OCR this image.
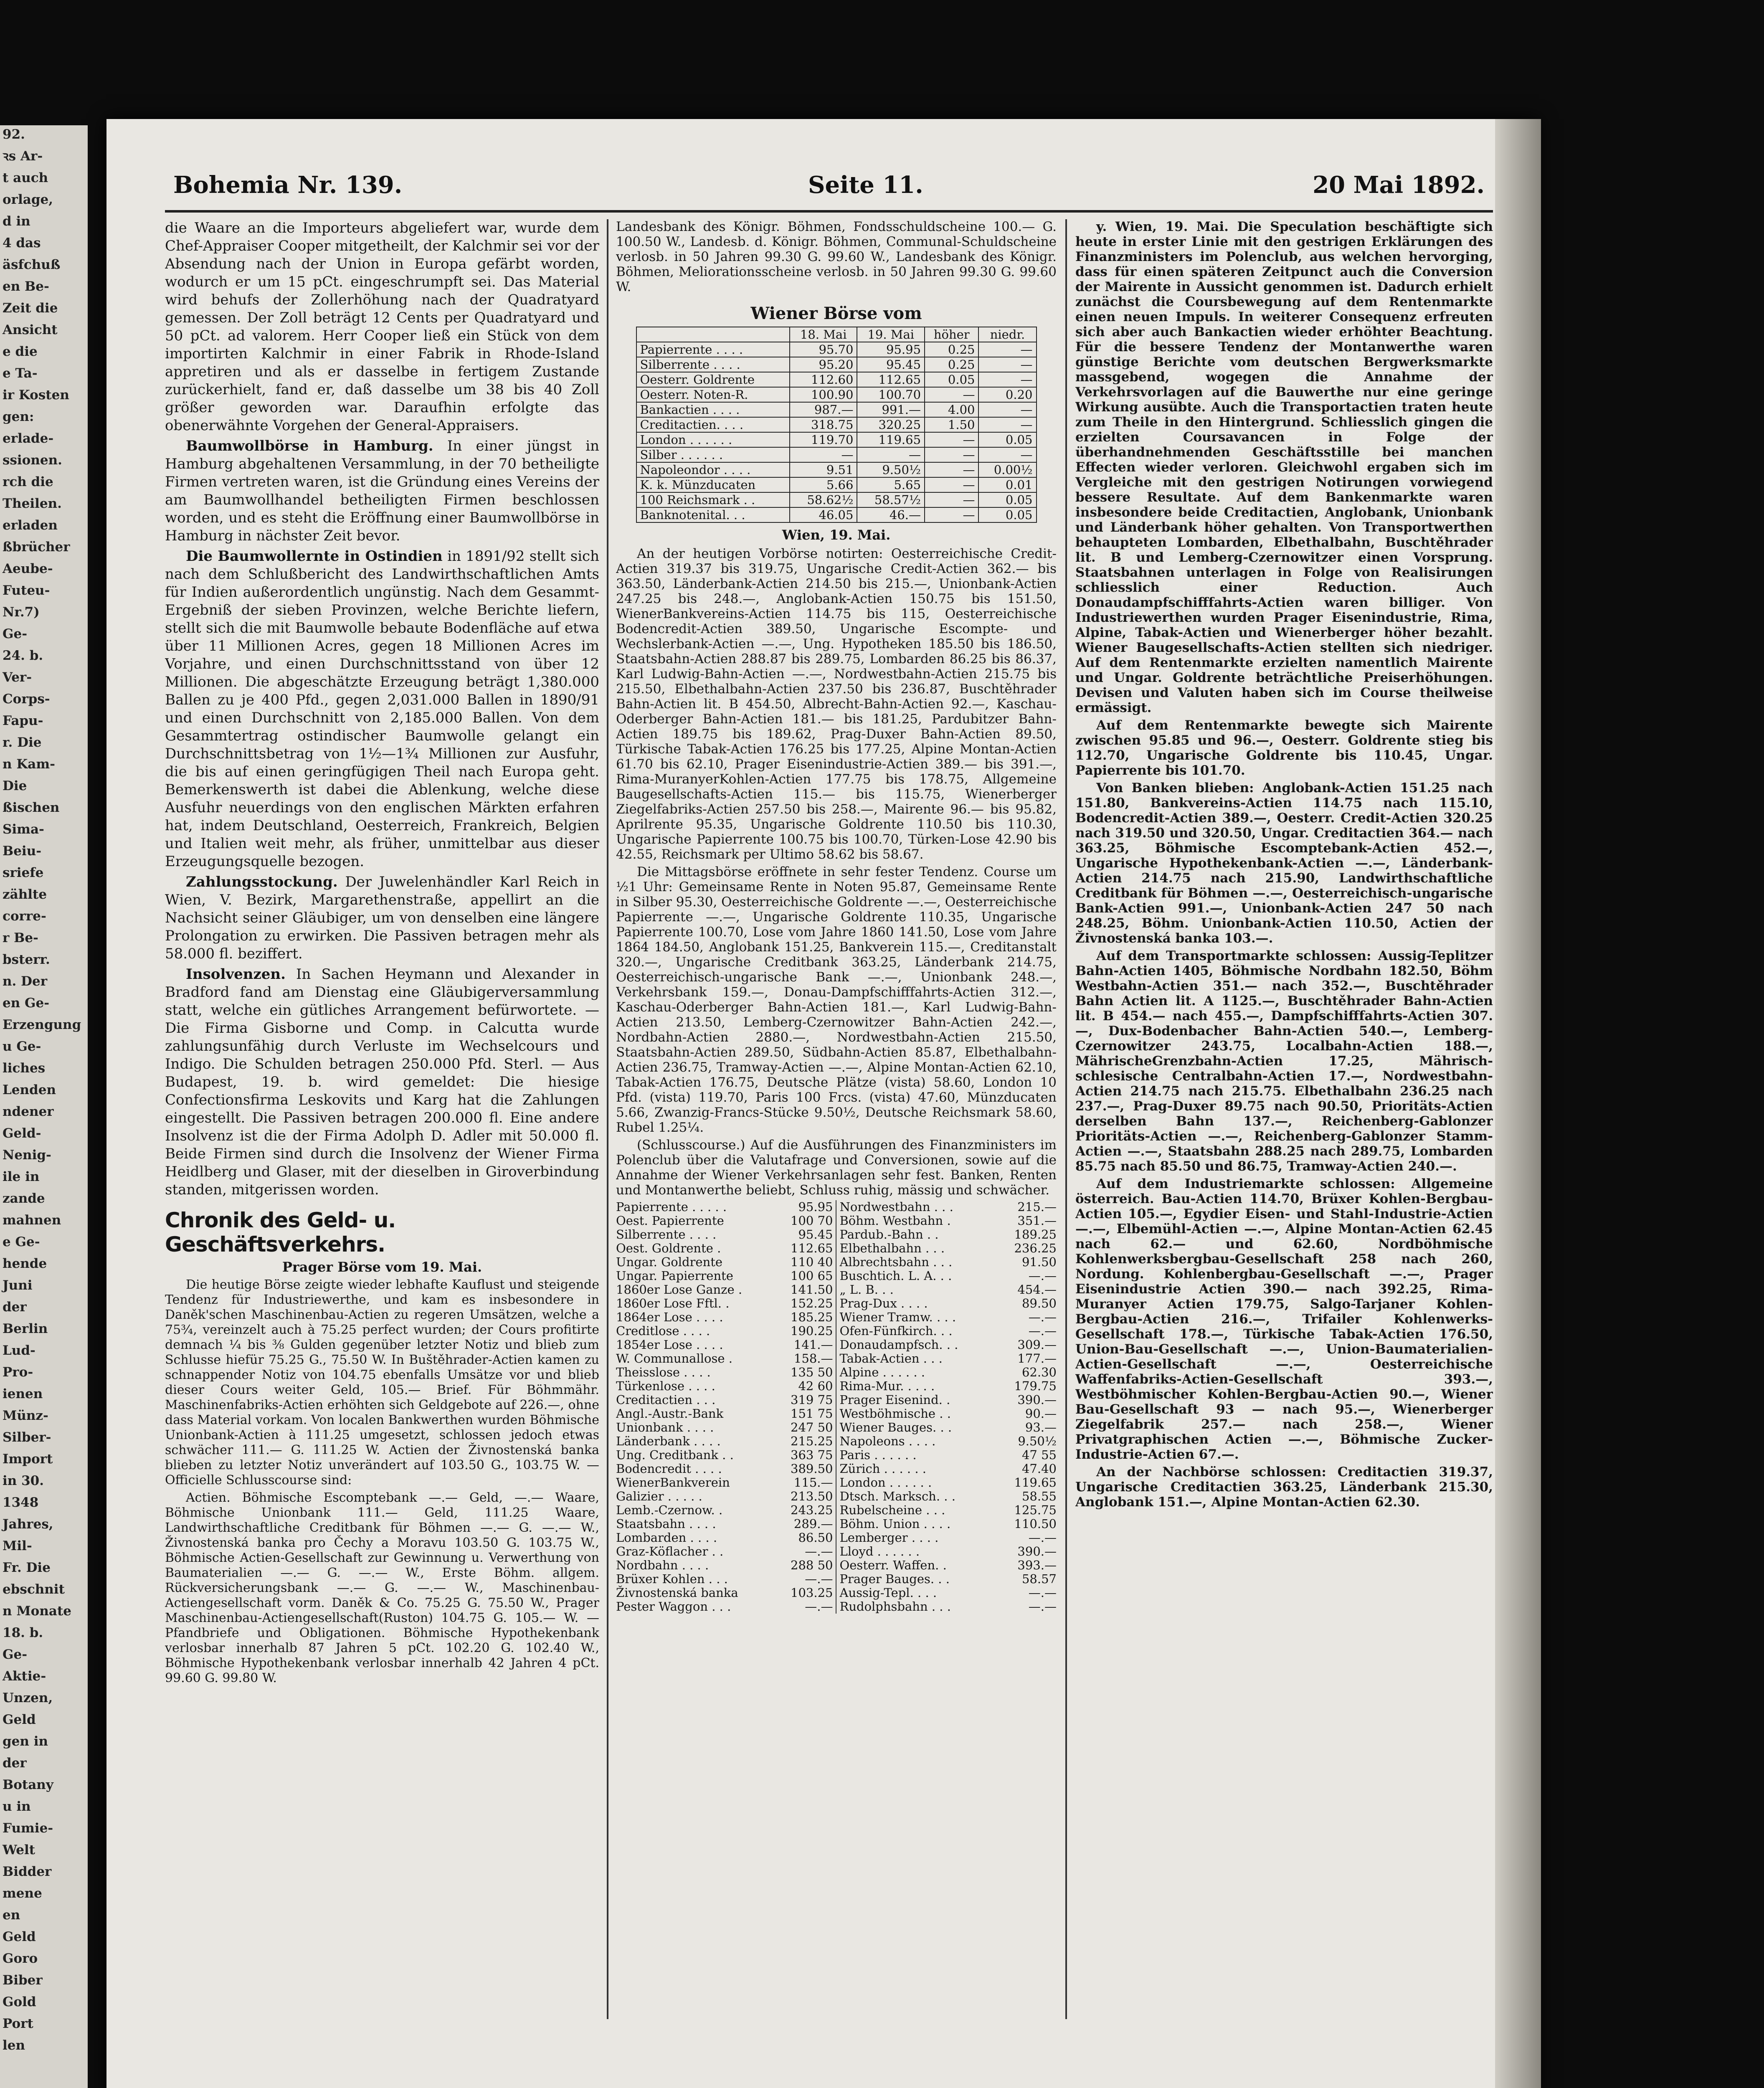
92.
ꝛs Ar-
t auch
orlage,
d in
4 das
äsfchuß
en Be-
Zeit die
Ansicht
e die
e Ta-
ir Kosten
gen:
erlade-
ssionen.
rch die
Theilen.
erladen
ßbrücher
Aeube-
Futeu-
Nr.7)
Ge-
24. b.
Ver-
Corps-
Fapu-
r. Die
n Kam-
Die
ßischen
Sima-
Beiu-
sriefe
zählte
corre-
r Be-
bsterr.
n. Der
en Ge-
Erzengung
u Ge-
liches
Lenden
ndener
Geld-
Nenig-
ile in
zande
mahnen
e Ge-
hende
Juni
der
Berlin
Lud-
Pro-
ienen
Münz-
Silber-
Import
in 30.
1348
Jahres,
Mil-
Fr. Die
ebschnit
n Monate
18. b.
Ge-
Aktie-
Unzen,
Geld
gen in
der
Botany
u in
Fumie-
Welt
Bidder
mene
en
Geld
Goro
Biber
Gold
Port
len
Bohemia Nr. 139.	Seite 11.	20 Mai 1892.

die Waare an die Importeurs abgeliefert war, wurde dem Chef-Appraiser Cooper mitgetheilt, der Kalchmir sei vor der Absendung nach der Union in Europa gefärbt worden, wodurch er um 15 pCt. eingeschrumpft sei. Das Material wird behufs der Zollerhöhung nach der Quadratyard gemessen. Der Zoll beträgt 12 Cents per Quadratyard und 50 pCt. ad valorem. Herr Cooper ließ ein Stück von dem importirten Kalchmir in einer Fabrik in Rhode-Island appretiren und als er dasselbe in fertigem Zustande zurückerhielt, fand er, daß dasselbe um 38 bis 40 Zoll größer geworden war. Daraufhin erfolgte das obenerwähnte Vorgehen der General-Appraisers.

Baumwollbörse in Hamburg. In einer jüngst in Hamburg abgehaltenen Versammlung, in der 70 betheiligte Firmen vertreten waren, ist die Gründung eines Vereins der am Baumwollhandel betheiligten Firmen beschlossen worden, und es steht die Eröffnung einer Baumwollbörse in Hamburg in nächster Zeit bevor.

Die Baumwollernte in Ostindien in 1891/92 stellt sich nach dem Schlußbericht des Landwirthschaftlichen Amts für Indien außerordentlich ungünstig. Nach dem Gesammt-Ergebniß der sieben Provinzen, welche Berichte liefern, stellt sich die mit Baumwolle bebaute Bodenfläche auf etwa über 11 Millionen Acres, gegen 18 Millionen Acres im Vorjahre, und einen Durchschnittsstand von über 12 Millionen. Die abgeschätzte Erzeugung beträgt 1,380.000 Ballen zu je 400 Pfd., gegen 2,031.000 Ballen in 1890/91 und einen Durchschnitt von 2,185.000 Ballen. Von dem Gesammtertrag ostindischer Baumwolle gelangt ein Durchschnittsbetrag von 1½—1¾ Millionen zur Ausfuhr, die bis auf einen geringfügigen Theil nach Europa geht. Bemerkenswerth ist dabei die Ablenkung, welche diese Ausfuhr neuerdings von den englischen Märkten erfahren hat, indem Deutschland, Oesterreich, Frankreich, Belgien und Italien weit mehr, als früher, unmittelbar aus dieser Erzeugungsquelle bezogen.

Zahlungsstockung. Der Juwelenhändler Karl Reich in Wien, V. Bezirk, Margarethenstraße, appellirt an die Nachsicht seiner Gläubiger, um von denselben eine längere Prolongation zu erwirken. Die Passiven betragen mehr als 58.000 fl. beziffert.

Insolvenzen. In Sachen Heymann und Alexander in Bradford fand am Dienstag eine Gläubigerversammlung statt, welche ein gütliches Arrangement befürwortete. — Die Firma Gisborne und Comp. in Calcutta wurde zahlungsunfähig durch Verluste im Wechselcours und Indigo. Die Schulden betragen 250.000 Pfd. Sterl. — Aus Budapest, 19. b. wird gemeldet: Die hiesige Confectionsfirma Leskovits und Karg hat die Zahlungen eingestellt. Die Passiven betragen 200.000 fl. Eine andere Insolvenz ist die der Firma Adolph D. Adler mit 50.000 fl. Beide Firmen sind durch die Insolvenz der Wiener Firma Heidlberg und Glaser, mit der dieselben in Giroverbindung standen, mitgerissen worden.

Chronik des Geld- u. Geschäftsverkehrs.
Prager Börse vom 19. Mai.

Die heutige Börse zeigte wieder lebhafte Kauflust und steigende Tendenz für Industriewerthe, und kam es insbesondere in Daněk'schen Maschinenbau-Actien zu regeren Umsätzen, welche a 75¾, vereinzelt auch à 75.25 perfect wurden; der Cours profitirte demnach ¼ bis ⅜ Gulden gegenüber letzter Notiz und blieb zum Schlusse hiefür 75.25 G., 75.50 W. In Buštěhrader-Actien kamen zu schnappender Notiz von 104.75 ebenfalls Umsätze vor und blieb dieser Cours weiter Geld, 105.— Brief. Für Böhmmähr. Maschinenfabriks-Actien erhöhten sich Geldgebote auf 226.—, ohne dass Material vorkam. Von localen Bankwerthen wurden Böhmische Unionbank-Actien à 111.25 umgesetzt, schlossen jedoch etwas schwächer 111.— G. 111.25 W. Actien der Živnostenská banka blieben zu letzter Notiz unverändert auf 103.50 G., 103.75 W. — Officielle Schlusscourse sind:

Actien. Böhmische Escomptebank —.— Geld, —.— Waare, Böhmische Unionbank 111.— Geld, 111.25 Waare, Landwirthschaftliche Creditbank für Böhmen —.— G. —.— W., Živnostenská banka pro Čechy a Moravu 103.50 G. 103.75 W., Böhmische Actien-Gesellschaft zur Gewinnung u. Verwerthung von Baumaterialien —.— G. —.— W., Erste Böhm. allgem. Rückversicherungsbank —.— G. —.— W., Maschinenbau-Actiengesellschaft vorm. Daněk & Co. 75.25 G. 75.50 W., Prager Maschinenbau-Actiengesellschaft(Ruston) 104.75 G. 105.— W. — Pfandbriefe und Obligationen. Böhmische Hypothekenbank verlosbar innerhalb 87 Jahren 5 pCt. 102.20 G. 102.40 W., Böhmische Hypothekenbank verlosbar innerhalb 42 Jahren 4 pCt. 99.60 G. 99.80 W.

Landesbank des Königr. Böhmen, Fondsschuldscheine 100.— G. 100.50 W., Landesb. d. Königr. Böhmen, Communal-Schuldscheine verlosb. in 50 Jahren 99.30 G. 99.60 W., Landesbank des Königr. Böhmen, Meliorationsscheine verlosb. in 50 Jahren 99.30 G. 99.60 W.

Wiener Börse vom
	18. Mai	19. Mai	höher	niedr.
Papierrente . . . .	95.70	95.95	0.25	—
Silberrente . . . .	95.20	95.45	0.25	—
Oesterr. Goldrente	112.60	112.65	0.05	—
Oesterr. Noten-R.	100.90	100.70	—	0.20
Bankactien . . . .	987.—	991.—	4.00	—
Creditactien. . . .	318.75	320.25	1.50	—
London . . . . . .	119.70	119.65	—	0.05
Silber . . . . . .	—	—	—	—
Napoleondor . . . .	9.51	9.50½	—	0.00½
K. k. Münzducaten	5.66	5.65	—	0.01
100 Reichsmark . .	58.62½	58.57½	—	0.05
Banknotenital. . .	46.05	46.—	—	0.05
Wien, 19. Mai.

An der heutigen Vorbörse notirten: Oesterreichische Credit-Actien 319.37 bis 319.75, Ungarische Credit-Actien 362.— bis 363.50, Länderbank-Actien 214.50 bis 215.—, Unionbank-Actien 247.25 bis 248.—, Anglobank-Actien 150.75 bis 151.50, WienerBankvereins-Actien 114.75 bis 115, Oesterreichische Bodencredit-Actien 389.50, Ungarische Escompte- und Wechslerbank-Actien —.—, Ung. Hypotheken 185.50 bis 186.50, Staatsbahn-Actien 288.87 bis 289.75, Lombarden 86.25 bis 86.37, Karl Ludwig-Bahn-Actien —.—, Nordwestbahn-Actien 215.75 bis 215.50, Elbethalbahn-Actien 237.50 bis 236.87, Buschtěhrader Bahn-Actien lit. B 454.50, Albrecht-Bahn-Actien 92.—, Kaschau-Oderberger Bahn-Actien 181.— bis 181.25, Pardubitzer Bahn-Actien 189.75 bis 189.62, Prag-Duxer Bahn-Actien 89.50, Türkische Tabak-Actien 176.25 bis 177.25, Alpine Montan-Actien 61.70 bis 62.10, Prager Eisenindustrie-Actien 389.— bis 391.—, Rima-MuranyerKohlen-Actien 177.75 bis 178.75, Allgemeine Baugesellschafts-Actien 115.— bis 115.75, Wienerberger Ziegelfabriks-Actien 257.50 bis 258.—, Mairente 96.— bis 95.82, Aprilrente 95.35, Ungarische Goldrente 110.50 bis 110.30, Ungarische Papierrente 100.75 bis 100.70, Türken-Lose 42.90 bis 42.55, Reichsmark per Ultimo 58.62 bis 58.67.

Die Mittagsbörse eröffnete in sehr fester Tendenz. Course um ½1 Uhr: Gemeinsame Rente in Noten 95.87, Gemeinsame Rente in Silber 95.30, Oesterreichische Goldrente —.—, Oesterreichische Papierrente —.—, Ungarische Goldrente 110.35, Ungarische Papierrente 100.70, Lose vom Jahre 1860 141.50, Lose vom Jahre 1864 184.50, Anglobank 151.25, Bankverein 115.—, Creditanstalt 320.—, Ungarische Creditbank 363.25, Länderbank 214.75, Oesterreichisch-ungarische Bank —.—, Unionbank 248.—, Verkehrsbank 159.—, Donau-Dampfschifffahrts-Actien 312.—, Kaschau-Oderberger Bahn-Actien 181.—, Karl Ludwig-Bahn-Actien 213.50, Lemberg-Czernowitzer Bahn-Actien 242.—, Nordbahn-Actien 2880.—, Nordwestbahn-Actien 215.50, Staatsbahn-Actien 289.50, Südbahn-Actien 85.87, Elbethalbahn-Actien 236.75, Tramway-Actien —.—, Alpine Montan-Actien 62.10, Tabak-Actien 176.75, Deutsche Plätze (vista) 58.60, London 10 Pfd. (vista) 119.70, Paris 100 Frcs. (vista) 47.60, Münzducaten 5.66, Zwanzig-Francs-Stücke 9.50½, Deutsche Reichsmark 58.60, Rubel 1.25¼.

(Schlusscourse.) Auf die Ausführungen des Finanzministers im Polenclub über die Valutafrage und Conversionen, sowie auf die Annahme der Wiener Verkehrsanlagen sehr fest. Banken, Renten und Montanwerthe beliebt, Schluss ruhig, mässig und schwächer.

Papierrente . . . . .	95.95
Oest. Papierrente	100 70
Silberrente . . . .	95.45
Oest. Goldrente .	112.65
Ungar. Goldrente	110 40
Ungar. Papierrente	100 65
1860er Lose Ganze .	141.50
1860er Lose Fftl. .	152.25
1864er Lose . . . .	185.25
Creditlose . . . .	190.25
1854er Lose . . . .	141.—
W. Communallose .	158.—
Theisslose . . . .	135 50
Türkenlose . . . .	42 60
Creditactien . . .	319 75
Angl.-Austr.-Bank	151 75
Unionbank . . . .	247 50
Länderbank . . . .	215.25
Ung. Creditbank . .	363 75
Bodencredit . . . .	389.50
WienerBankverein	115.—
Galizier . . . . .	213.50
Lemb.-Czernow. .	243.25
Staatsbahn . . . .	289.—
Lombarden . . . .	86.50
Graz-Köflacher . .	—.—
Nordbahn . . . .	288 50
Brüxer Kohlen . . .	—.—
Živnostenská banka	103.25
Pester Waggon . . .	—.—
Nordwestbahn . . .	215.—
Böhm. Westbahn .	351.—
Pardub.-Bahn . .	189.25
Elbethalbahn . . .	236.25
Albrechtsbahn . . .	91.50
Buschtich. L. A. . .	—.—
„ L. B. . .	454.—
Prag-Dux . . . .	89.50
Wiener Tramw. . . .	—.—
Ofen-Fünfkirch. . .	—.—
Donaudampfsch. . .	309.—
Tabak-Actien . . .	177.—
Alpine . . . . . .	62.30
Rima-Mur. . . . .	179.75
Prager Eisenind. .	390.—
Westböhmische . .	90.—
Wiener Bauges. . .	93.—
Napoleons . . . .	9.50½
Paris . . . . . .	47 55
Zürich . . . . . .	47.40
London . . . . . .	119.65
Dtsch. Marksch. . .	58.55
Rubelscheine . . .	125.75
Böhm. Union . . . .	110.50
Lemberger . . . .	—.—
Lloyd . . . . . .	390.—
Oesterr. Waffen. .	393.—
Prager Bauges. . .	58.57
Aussig-Tepl. . . .	—.—
Rudolphsbahn . . .	—.—

y. Wien, 19. Mai. Die Speculation beschäftigte sich heute in erster Linie mit den gestrigen Erklärungen des Finanzministers im Polenclub, aus welchen hervorging, dass für einen späteren Zeitpunct auch die Conversion der Mairente in Aussicht genommen ist. Dadurch erhielt zunächst die Coursbewegung auf dem Rentenmarkte einen neuen Impuls. In weiterer Consequenz erfreuten sich aber auch Bankactien wieder erhöhter Beachtung. Für die bessere Tendenz der Montanwerthe waren günstige Berichte vom deutschen Bergwerksmarkte massgebend, wogegen die Annahme der Verkehrsvorlagen auf die Bauwerthe nur eine geringe Wirkung ausübte. Auch die Transportactien traten heute zum Theile in den Hintergrund. Schliesslich gingen die erzielten Coursavancen in Folge der überhandnehmenden Geschäftsstille bei manchen Effecten wieder verloren. Gleichwohl ergaben sich im Vergleiche mit den gestrigen Notirungen vorwiegend bessere Resultate. Auf dem Bankenmarkte waren insbesondere beide Creditactien, Anglobank, Unionbank und Länderbank höher gehalten. Von Transportwerthen behaupteten Lombarden, Elbethalbahn, Buschtěhrader lit. B und Lemberg-Czernowitzer einen Vorsprung. Staatsbahnen unterlagen in Folge von Realisirungen schliesslich einer Reduction. Auch Donaudampfschifffahrts-Actien waren billiger. Von Industriewerthen wurden Prager Eisenindustrie, Rima, Alpine, Tabak-Actien und Wienerberger höher bezahlt. Wiener Baugesellschafts-Actien stellten sich niedriger. Auf dem Rentenmarkte erzielten namentlich Mairente und Ungar. Goldrente beträchtliche Preiserhöhungen. Devisen und Valuten haben sich im Course theilweise ermässigt.

Auf dem Rentenmarkte bewegte sich Mairente zwischen 95.85 und 96.—, Oesterr. Goldrente stieg bis 112.70, Ungarische Goldrente bis 110.45, Ungar. Papierrente bis 101.70.

Von Banken blieben: Anglobank-Actien 151.25 nach 151.80, Bankvereins-Actien 114.75 nach 115.10, Bodencredit-Actien 389.—, Oesterr. Credit-Actien 320.25 nach 319.50 und 320.50, Ungar. Creditactien 364.— nach 363.25, Böhmische Escomptebank-Actien 452.—, Ungarische Hypothekenbank-Actien —.—, Länderbank-Actien 214.75 nach 215.90, Landwirthschaftliche Creditbank für Böhmen —.—, Oesterreichisch-ungarische Bank-Actien 991.—, Unionbank-Actien 247 50 nach 248.25, Böhm. Unionbank-Actien 110.50, Actien der Živnostenská banka 103.—.

Auf dem Transportmarkte schlossen: Aussig-Teplitzer Bahn-Actien 1405, Böhmische Nordbahn 182.50, Böhm Westbahn-Actien 351.— nach 352.—, Buschtěhrader Bahn Actien lit. A 1125.—, Buschtěhrader Bahn-Actien lit. B 454.— nach 455.—, Dampfschifffahrts-Actien 307.—, Dux-Bodenbacher Bahn-Actien 540.—, Lemberg-Czernowitzer 243.75, Localbahn-Actien 188.—, MährischeGrenzbahn-Actien 17.25, Mährisch-schlesische Centralbahn-Actien 17.—, Nordwestbahn-Actien 214.75 nach 215.75. Elbethalbahn 236.25 nach 237.—, Prag-Duxer 89.75 nach 90.50, Prioritäts-Actien derselben Bahn 137.—, Reichenberg-Gablonzer Prioritäts-Actien —.—, Reichenberg-Gablonzer Stamm-Actien —.—, Staatsbahn 288.25 nach 289.75, Lombarden 85.75 nach 85.50 und 86.75, Tramway-Actien 240.—.

Auf dem Industriemarkte schlossen: Allgemeine österreich. Bau-Actien 114.70, Brüxer Kohlen-Bergbau-Actien 105.—, Egydier Eisen- und Stahl-Industrie-Actien —.—, Elbemühl-Actien —.—, Alpine Montan-Actien 62.45 nach 62.— und 62.60, Nordböhmische Kohlenwerksbergbau-Gesellschaft 258 nach 260, Nordung. Kohlenbergbau-Gesellschaft —.—, Prager Eisenindustrie Actien 390.— nach 392.25, Rima-Muranyer Actien 179.75, Salgo-Tarjaner Kohlen-Bergbau-Actien 216.—, Trifailer Kohlenwerks-Gesellschaft 178.—, Türkische Tabak-Actien 176.50, Union-Bau-Gesellschaft —.—, Union-Baumaterialien-Actien-Gesellschaft —.—, Oesterreichische Waffenfabriks-Actien-Gesellschaft 393.—, Westböhmischer Kohlen-Bergbau-Actien 90.—, Wiener Bau-Gesellschaft 93 — nach 95.—, Wienerberger Ziegelfabrik 257.— nach 258.—, Wiener Privatgraphischen Actien —.—, Böhmische Zucker-Industrie-Actien 67.—.

An der Nachbörse schlossen: Creditactien 319.37, Ungarische Creditactien 363.25, Länderbank 215.30, Anglobank 151.—, Alpine Montan-Actien 62.30.
